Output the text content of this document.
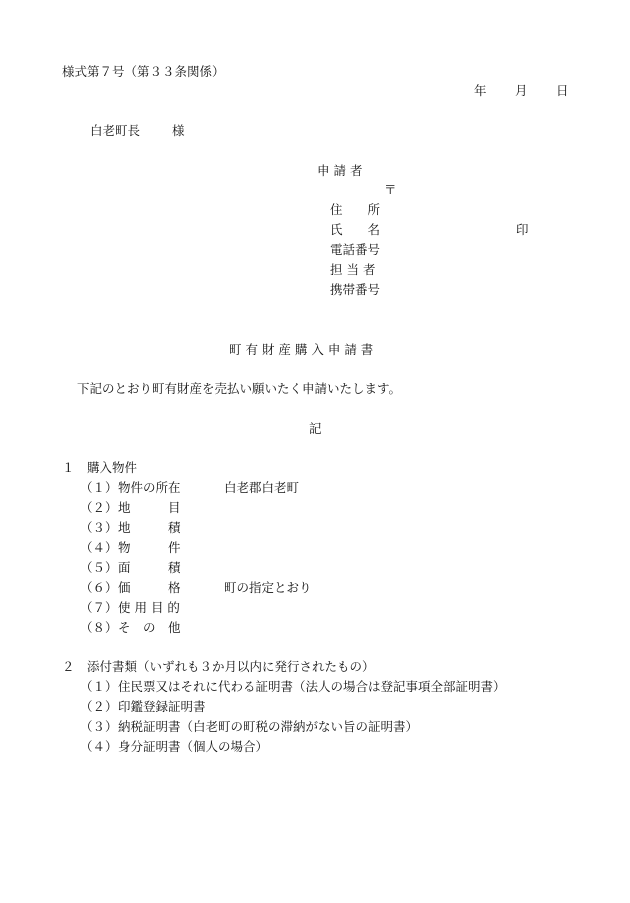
様式第７号（第３３条関係）
年 月 日
白老町長	様
申 請 者
〒
住　　所
氏　　名	印
電話番号
担 当 者
携帯番号
町 有 財 産 購 入 申 請 書
下記のとおり町有財産を売払い願いたく申請いたします。
記
１　購入物件
（１）物件の所在	白老郡白老町
（２）地　　　目
（３）地　　　積
（４）物　　　件
（５）面　　　積
（６）価　　　格	町の指定とおり
（７）使 用 目 的
（８）そ　の　他
２　添付書類（いずれも３か月以内に発行されたもの）
（１）住民票又はそれに代わる証明書（法人の場合は登記事項全部証明書）
（２）印鑑登録証明書
（３）納税証明書（白老町の町税の滞納がない旨の証明書）
（４）身分証明書（個人の場合）
